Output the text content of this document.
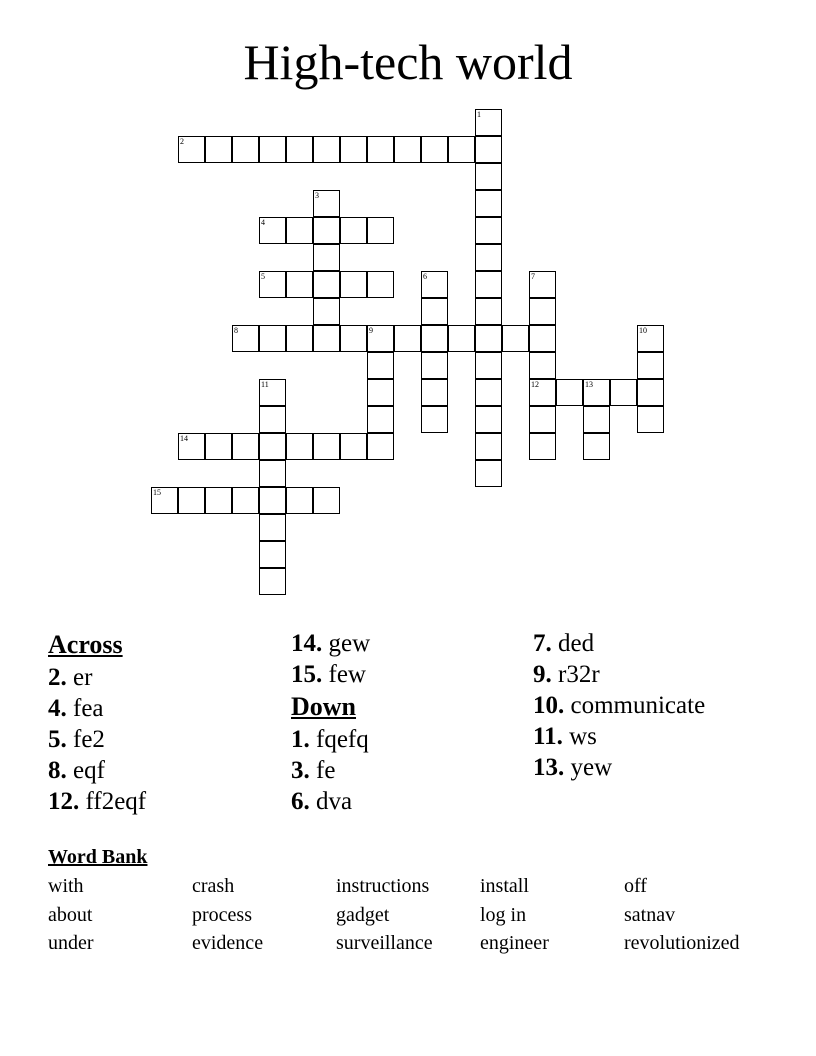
High-tech world
1
2
3
4
5	6	7
12
8	9	10
11	13
14
15
Across
2. er
4. fea
5. fe2
8. eqf
12. ff2eqf
14. gew
15. few
Down
1. fqefq
3. fe
6. dva
7. ded
9. r32r
10. communicate
11. ws
13. yew
Word Bank
with	crash	instructions	install	off
about	process	gadget	log in	satnav
under	evidence	surveillance	engineer	revolutionized
